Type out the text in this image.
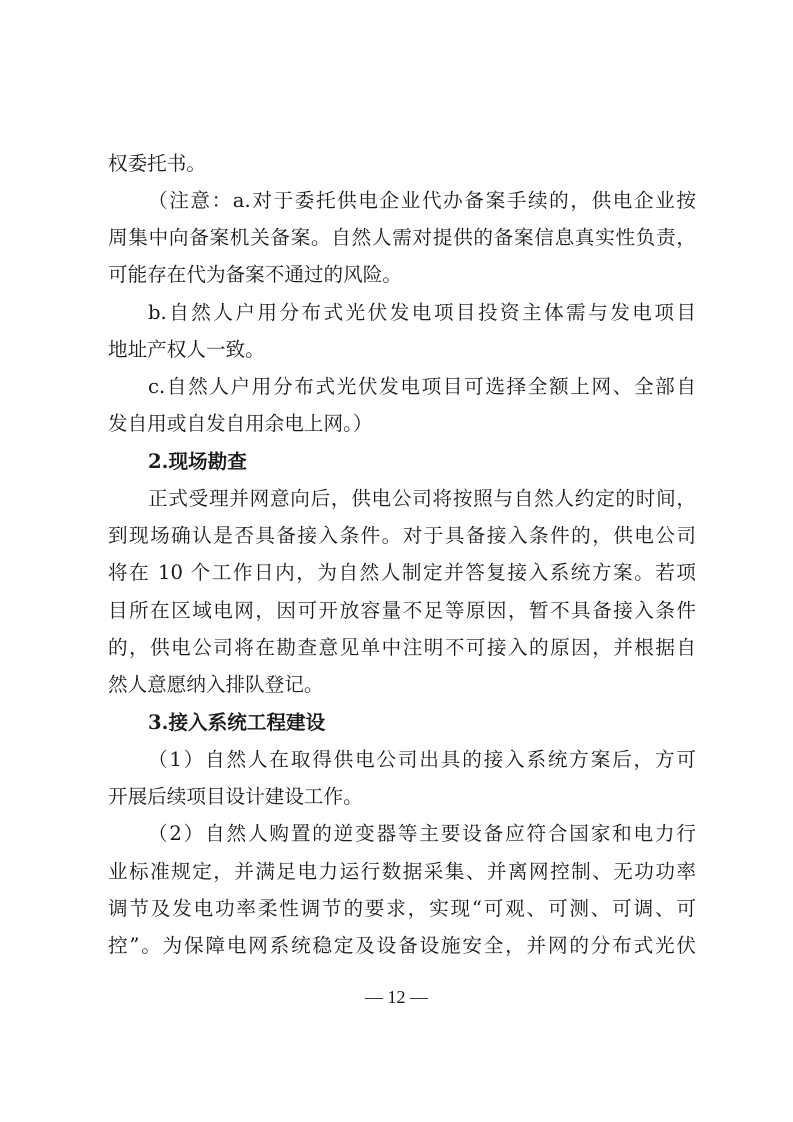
权委托书。
（注意：a.对于委托供电企业代办备案手续的，供电企业按
周集中向备案机关备案。自然人需对提供的备案信息真实性负责，
可能存在代为备案不通过的风险。
b.自然人户用分布式光伏发电项目投资主体需与发电项目
地址产权人一致。
c.自然人户用分布式光伏发电项目可选择全额上网、全部自
发自用或自发自用余电上网。）
2.现场勘查
正式受理并网意向后，供电公司将按照与自然人约定的时间，
到现场确认是否具备接入条件。对于具备接入条件的，供电公司
将在 10 个工作日内，为自然人制定并答复接入系统方案。若项
目所在区域电网，因可开放容量不足等原因，暂不具备接入条件
的，供电公司将在勘查意见单中注明不可接入的原因，并根据自
然人意愿纳入排队登记。
3.接入系统工程建设
（1）自然人在取得供电公司出具的接入系统方案后，方可
开展后续项目设计建设工作。
（2）自然人购置的逆变器等主要设备应符合国家和电力行
业标准规定，并满足电力运行数据采集、并离网控制、无功功率
调节及发电功率柔性调节的要求，实现“可观、可测、可调、可
控”。为保障电网系统稳定及设备设施安全，并网的分布式光伏
— 12 —
